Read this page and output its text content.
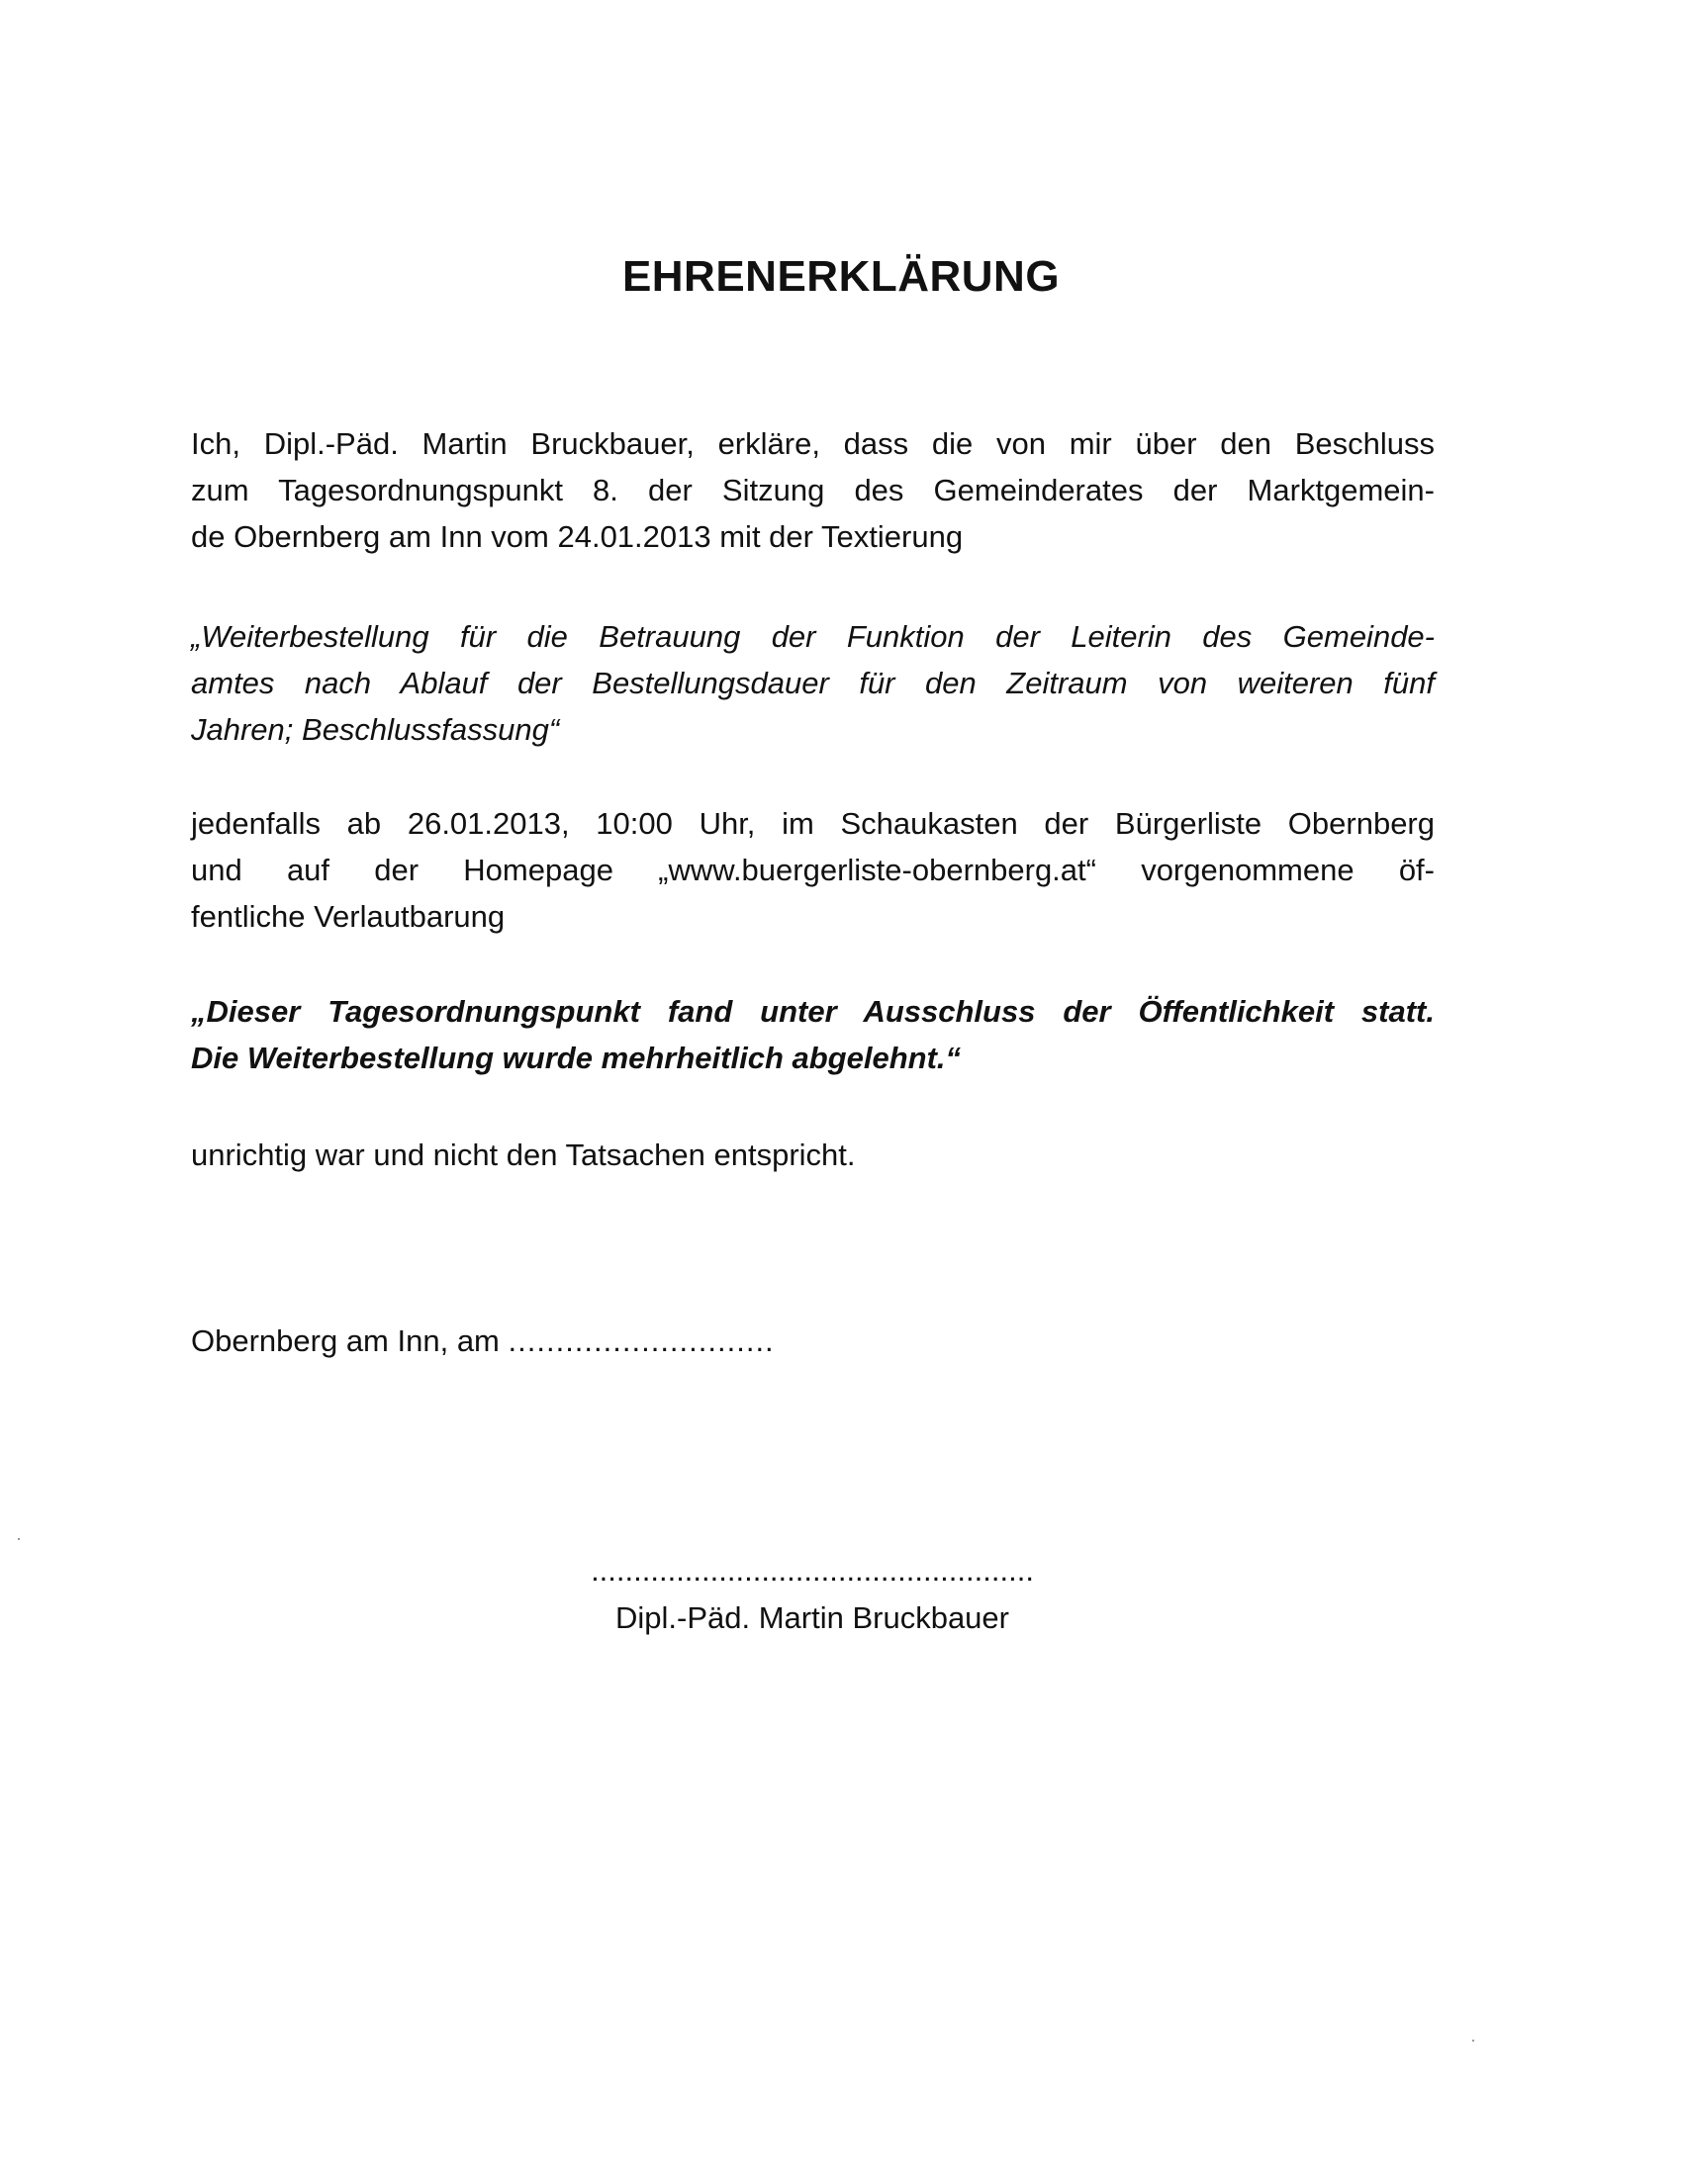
EHRENERKLÄRUNG
Ich, Dipl.-Päd. Martin Bruckbauer, erkläre, dass die von mir über den Beschluss
zum Tagesordnungspunkt 8. der Sitzung des Gemeinderates der Marktgemein-
de Obernberg am Inn vom 24.01.2013 mit der Textierung
„Weiterbestellung für die Betrauung der Funktion der Leiterin des Gemeinde-
amtes nach Ablauf der Bestellungsdauer für den Zeitraum von weiteren fünf
Jahren; Beschlussfassung“
jedenfalls ab 26.01.2013, 10:00 Uhr, im Schaukasten der Bürgerliste Obernberg
und auf der Homepage „www.buergerliste-obernberg.at“ vorgenommene öf-
fentliche Verlautbarung
„Dieser Tagesordnungspunkt fand unter Ausschluss der Öffentlichkeit statt.
Die Weiterbestellung wurde mehrheitlich abgelehnt.“
unrichtig war und nicht den Tatsachen entspricht.
Obernberg am Inn, am ............................
....................................................
Dipl.-Päd. Martin Bruckbauer
